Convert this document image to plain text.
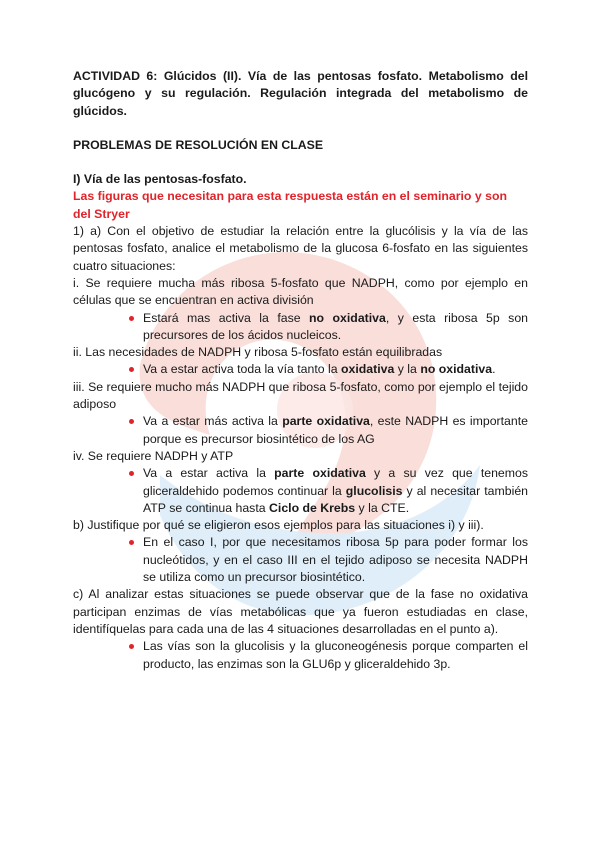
ACTIVIDAD 6: Glúcidos (II). Vía de las pentosas fosfato. Metabolismo del glucógeno y su regulación. Regulación integrada del metabolismo de glúcidos.

PROBLEMAS DE RESOLUCIÓN EN CLASE

I) Vía de las pentosas-fosfato.

Las figuras que necesitan para esta respuesta están en el seminario y son del Stryer

1) a) Con el objetivo de estudiar la relación entre la glucólisis y la vía de las pentosas fosfato, analice el metabolismo de la glucosa 6-fosfato en las siguientes cuatro situaciones:

i. Se requiere mucha más ribosa 5-fosfato que NADPH, como por ejemplo en células que se encuentran en activa división

Estará mas activa la fase no oxidativa, y esta ribosa 5p son precursores de los ácidos nucleicos.

ii. Las necesidades de NADPH y ribosa 5-fosfato están equilibradas

Va a estar activa toda la vía tanto la oxidativa y la no oxidativa.

iii. Se requiere mucho más NADPH que ribosa 5-fosfato, como por ejemplo el tejido adiposo

Va a estar más activa la parte oxidativa, este NADPH es importante porque es precursor biosintético de los AG

iv. Se requiere NADPH y ATP

Va a estar activa la parte oxidativa y a su vez que tenemos gliceraldehido podemos continuar la glucolisis y al necesitar también ATP se continua hasta Ciclo de Krebs y la CTE.

b) Justifique por qué se eligieron esos ejemplos para las situaciones i) y iii).

En el caso I, por que necesitamos ribosa 5p para poder formar los nucleótidos, y en el caso III en el tejido adiposo se necesita NADPH se utiliza como un precursor biosintético.

c) Al analizar estas situaciones se puede observar que de la fase no oxidativa participan enzimas de vías metabólicas que ya fueron estudiadas en clase, identifíquelas para cada una de las 4 situaciones desarrolladas en el punto a).

Las vías son la glucolisis y la gluconeogénesis porque comparten el producto, las enzimas son la GLU6p y gliceraldehido 3p.
